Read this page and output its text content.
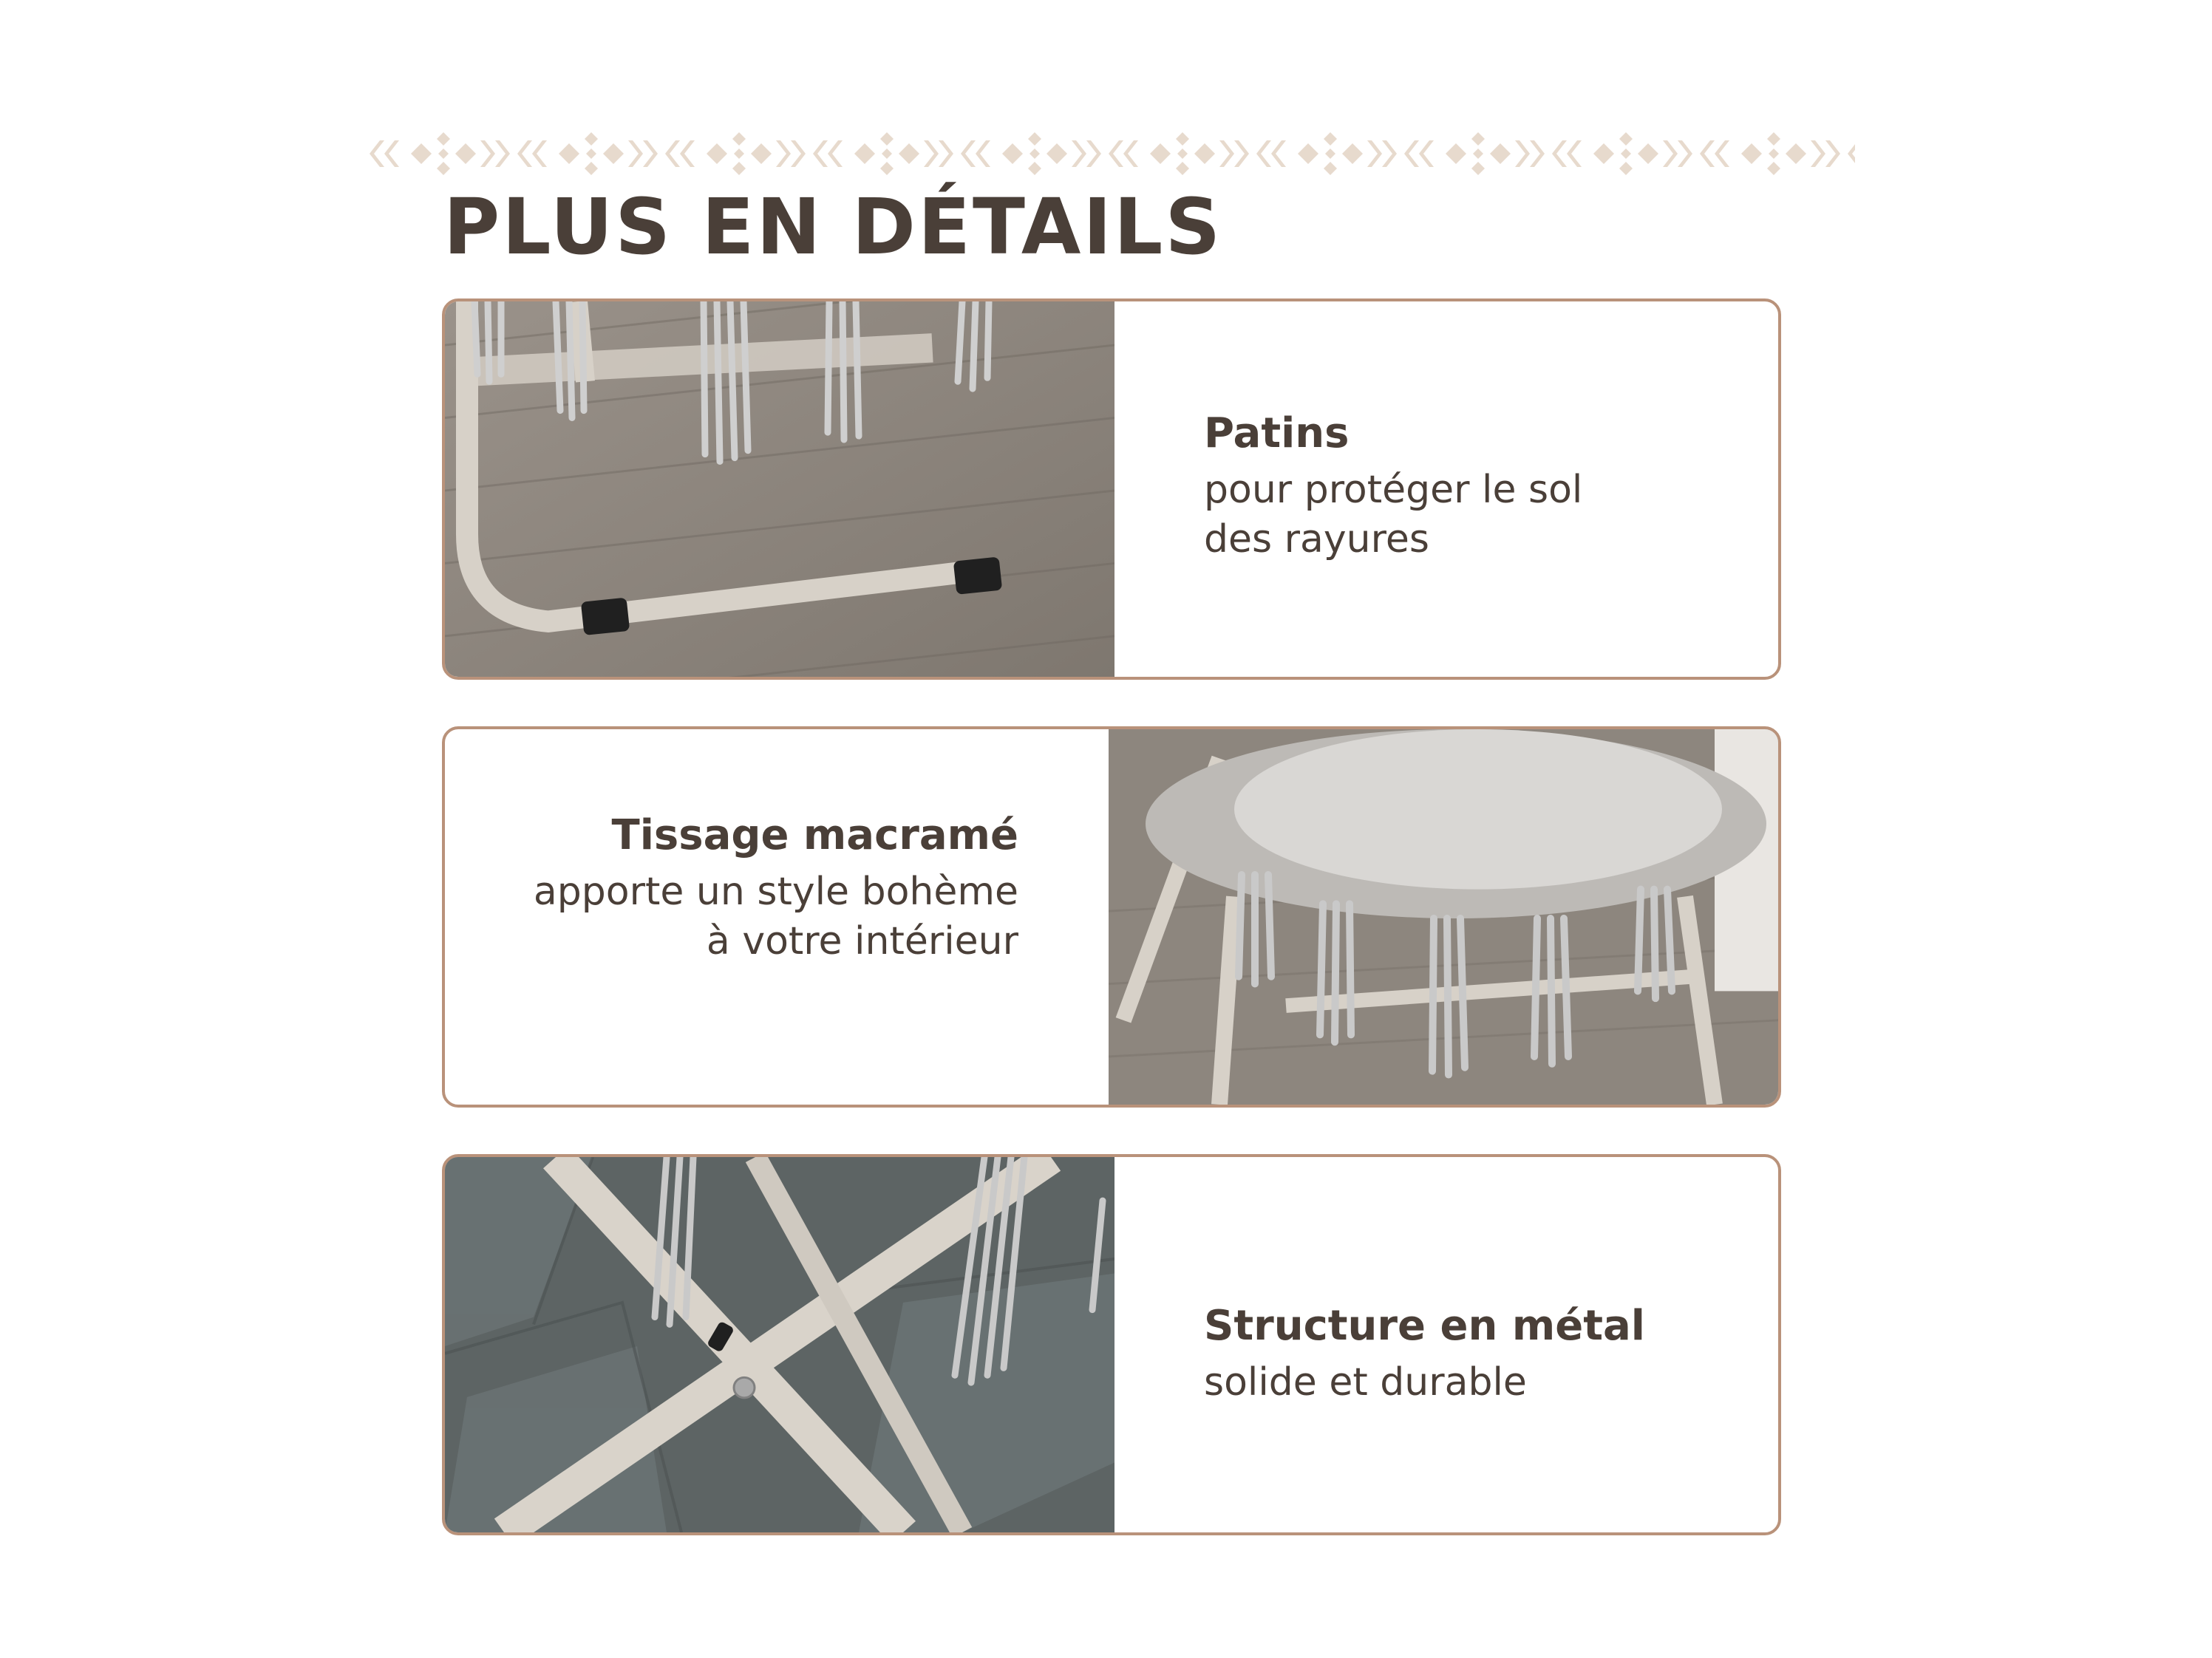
PLUS EN DÉTAILS
Patins

pour protéger le sol
des rayures

Tissage macramé

apporte un style bohème
à votre intérieur

Structure en métal

solide et durable
